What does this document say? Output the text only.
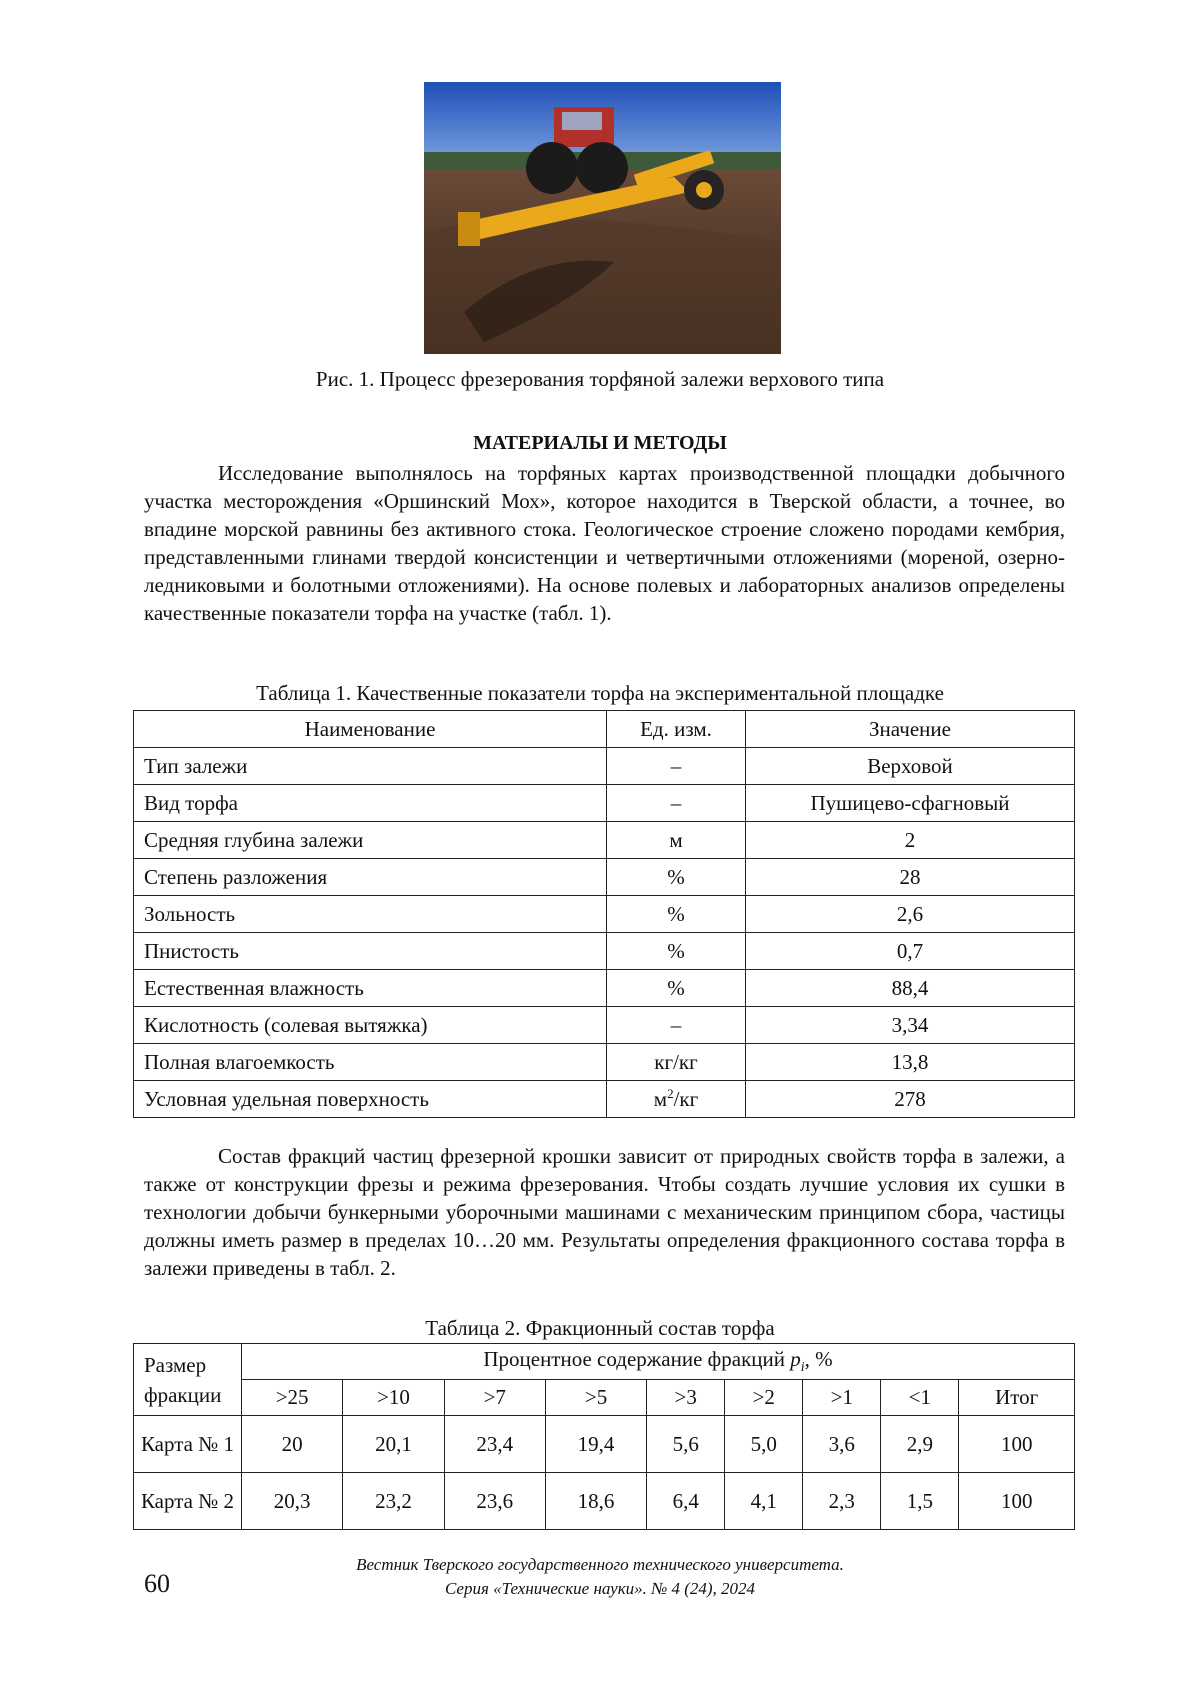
Рис. 1. Процесс фрезерования торфяной залежи верхового типа
МАТЕРИАЛЫ И МЕТОДЫ

Исследование выполнялось на торфяных картах производственной площадки добычного участка месторождения «Оршинский Мох», которое находится в Тверской области, а точнее, во впадине морской равнины без активного стока. Геологическое строение сложено породами кембрия, представленными глинами твердой консистенции и четвертичными отложениями (мореной, озерно-ледниковыми и болотными отложениями). На основе полевых и лабораторных анализов определены качественные показатели торфа на участке (табл. 1).

Таблица 1. Качественные показатели торфа на экспериментальной площадке
Наименование	Ед. изм.	Значение
Тип залежи	–	Верховой
Вид торфа	–	Пушицево-сфагновый
Средняя глубина залежи	м	2
Степень разложения	%	28
Зольность	%	2,6
Пнистость	%	0,7
Естественная влажность	%	88,4
Кислотность (солевая вытяжка)	–	3,34
Полная влагоемкость	кг/кг	13,8
Условная удельная поверхность	$м^2/кг$	278

Состав фракций частиц фрезерной крошки зависит от природных свойств торфа в залежи, а также от конструкции фрезы и режима фрезерования. Чтобы создать лучшие условия их сушки в технологии добычи бункерными уборочными машинами с механическим принципом сбора, частицы должны иметь размер в пределах 10…20 мм. Результаты определения фракционного состава торфа в залежи приведены в табл. 2.

Таблица 2. Фракционный состав торфа
Размер фракции	Процентное содержание фракций $p_i$, %								
	>25	>10	>7	>5	>3	>2	>1	<1	Итог
Карта № 1	20	20,1	23,4	19,4	5,6	5,0	3,6	2,9	100
Карта № 2	20,3	23,2	23,6	18,6	6,4	4,1	2,3	1,5	100
Вестник Тверского государственного технического университета.
Серия «Технические науки». № 4 (24), 2024
60
